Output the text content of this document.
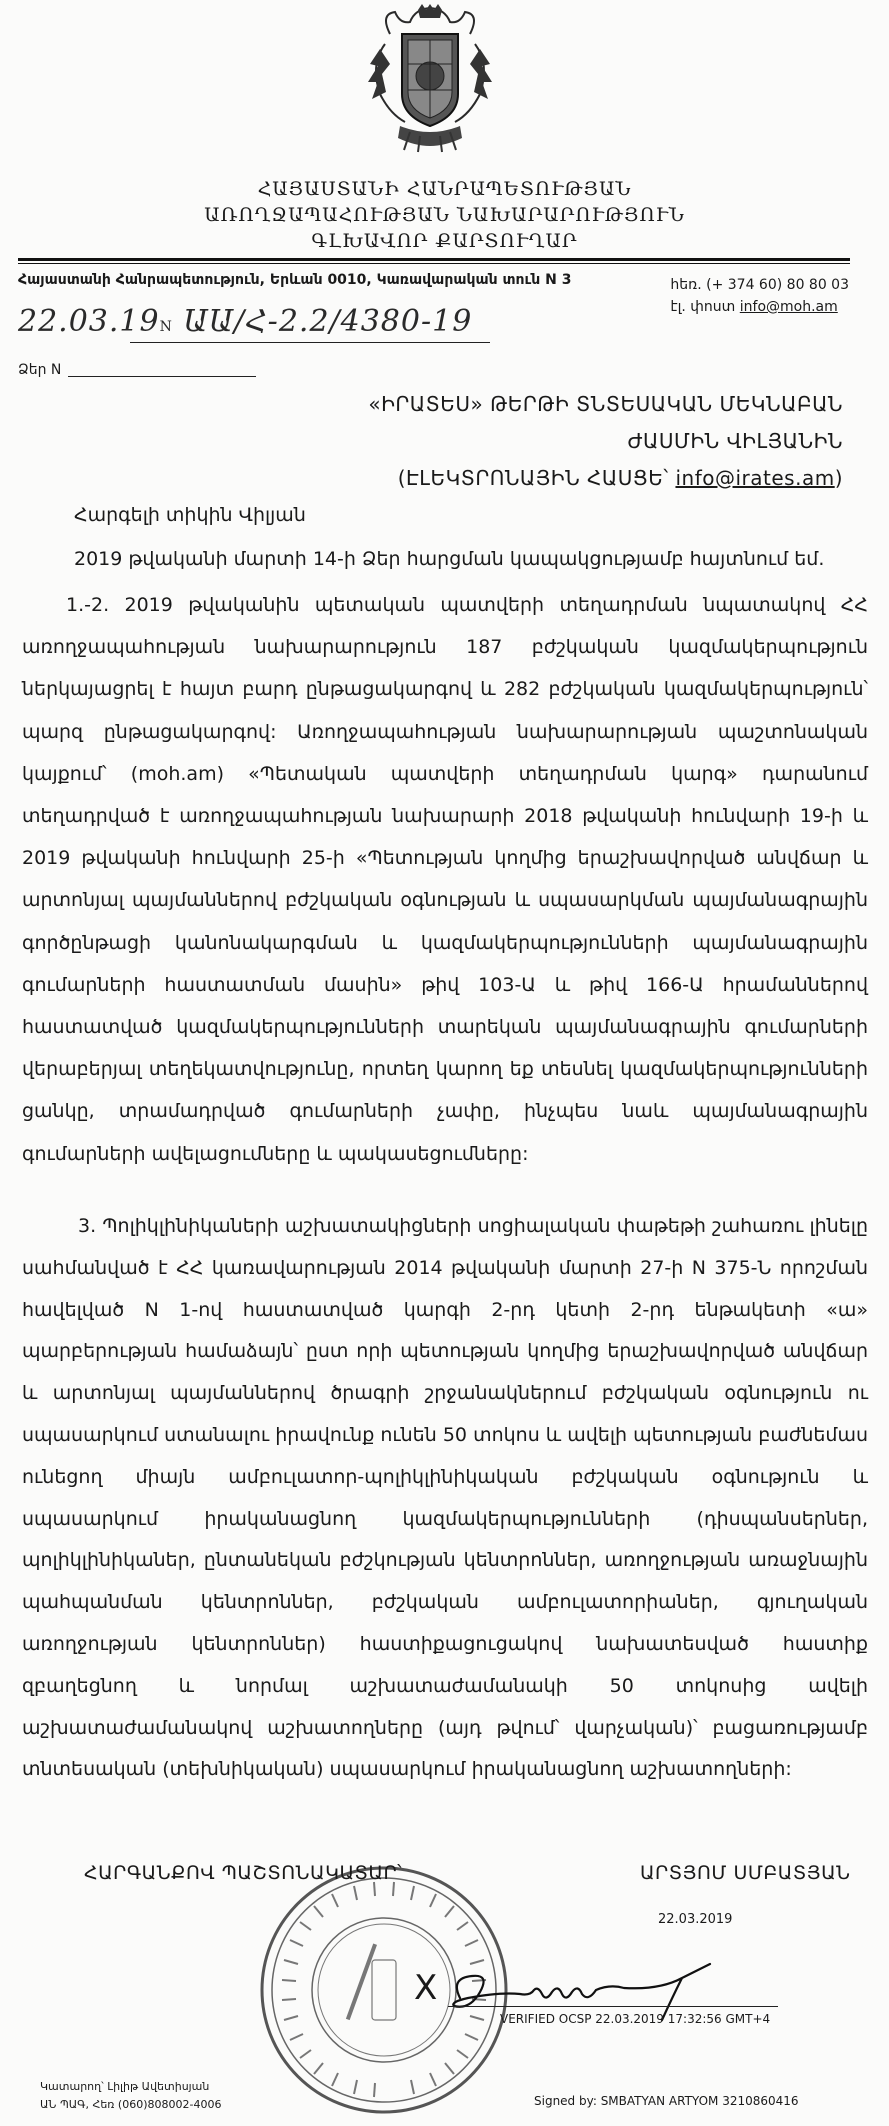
ՀԱՅԱՍՏԱՆԻ ՀԱՆՐԱՊԵՏՈՒԹՅԱՆ
ԱՌՈՂՋԱՊԱՀՈՒԹՅԱՆ ՆԱԽԱՐԱՐՈՒԹՅՈՒՆ
ԳԼԽԱՎՈՐ ՔԱՐՏՈՒՂԱՐ
Հայաստանի Հանրապետություն, Երևան 0010, Կառավարական տուն N 3	հեռ. (+ 374 60) 80 80 03
էլ. փոստ info@moh.am
22.03.19N ԱԱ/Հ-2.2/4380-19
Ձեր N
«ԻՐԱՏԵՍ» ԹԵՐԹԻ ՏՆՏԵՍԱԿԱՆ ՄԵԿՆԱԲԱՆ
ԺԱՍՄԻՆ ՎԻԼՅԱՆԻՆ
(ԷԼԵԿՏՐՈՆԱՅԻՆ ՀԱՍՑԵ՝ info@irates.am)
Հարգելի տիկին Վիլյան
2019 թվականի մարտի 14-ի Ձեր հարցման կապակցությամբ հայտնում եմ.
1.-2. 2019 թվականին պետական պատվերի տեղադրման նպատակով ՀՀ առողջապահության նախարարություն 187 բժշկական կազմակերպություն ներկայացրել է հայտ բարդ ընթացակարգով և 282 բժշկական կազմակերպություն՝ պարզ ընթացակարգով: Առողջապահության նախարարության պաշտոնական կայքում՝ (moh.am) «Պետական պատվերի տեղադրման կարգ» դարանում տեղադրված է առողջապահության նախարարի 2018 թվականի հունվարի 19-ի և 2019 թվականի հունվարի 25-ի «Պետության կողմից երաշխավորված անվճար և արտոնյալ պայմաններով բժշկական օգնության և սպասարկման պայմանագրային գործընթացի կանոնակարգման և կազմակերպությունների պայմանագրային գումարների հաստատման մասին» թիվ 103-Ա և թիվ 166-Ա հրամաններով հաստատված կազմակերպությունների տարեկան պայմանագրային գումարների վերաբերյալ տեղեկատվությունը, որտեղ կարող եք տեսնել կազմակերպությունների ցանկը, տրամադրված գումարների չափը, ինչպես նաև պայմանագրային գումարների ավելացումները և պակասեցումները:
3. Պոլիկլինիկաների աշխատակիցների սոցիալական փաթեթի շահառու լինելը սահմանված է ՀՀ կառավարության 2014 թվականի մարտի 27-ի N 375-Ն որոշման հավելված N 1-ով հաստատված կարգի 2-րդ կետի 2-րդ ենթակետի «ա» պարբերության համաձայն՝ ըստ որի պետության կողմից երաշխավորված անվճար և արտոնյալ պայմաններով ծրագրի շրջանակներում բժշկական օգնություն ու սպասարկում ստանալու իրավունք ունեն 50 տոկոս և ավելի պետության բաժնեմաս ունեցող միայն ամբուլատոր-պոլիկլինիկական բժշկական օգնություն և սպասարկում իրականացնող կազմակերպությունների (դիսպանսերներ, պոլիկլինիկաներ, ընտանեկան բժշկության կենտրոններ, առողջության առաջնային պահպանման կենտրոններ, բժշկական ամբուլատորիաներ, գյուղական առողջության կենտրոններ) հաստիքացուցակով նախատեսված հաստիք զբաղեցնող և նորմալ աշխատաժամանակի 50 տոկոսից ավելի աշխատաժամանակով աշխատողները (այդ թվում՝ վարչական)՝ բացառությամբ տնտեսական (տեխնիկական) սպասարկում իրականացնող աշխատողների:
ՀԱՐԳԱՆՔՈՎ ՊԱՇՏՈՆԱԿԱՏԱՐ՝	ԱՐՏՅՈՄ ՍՄԲԱՏՅԱՆ
22.03.2019
X
VERIFIED OCSP 22.03.2019 17:32:56 GMT+4
Signed by: SMBATYAN ARTYOM 3210860416
Կատարող՝ Լիլիթ Ավետիսյան
ԱՆ ՊԱԳ, Հեռ (060)808002-4006
